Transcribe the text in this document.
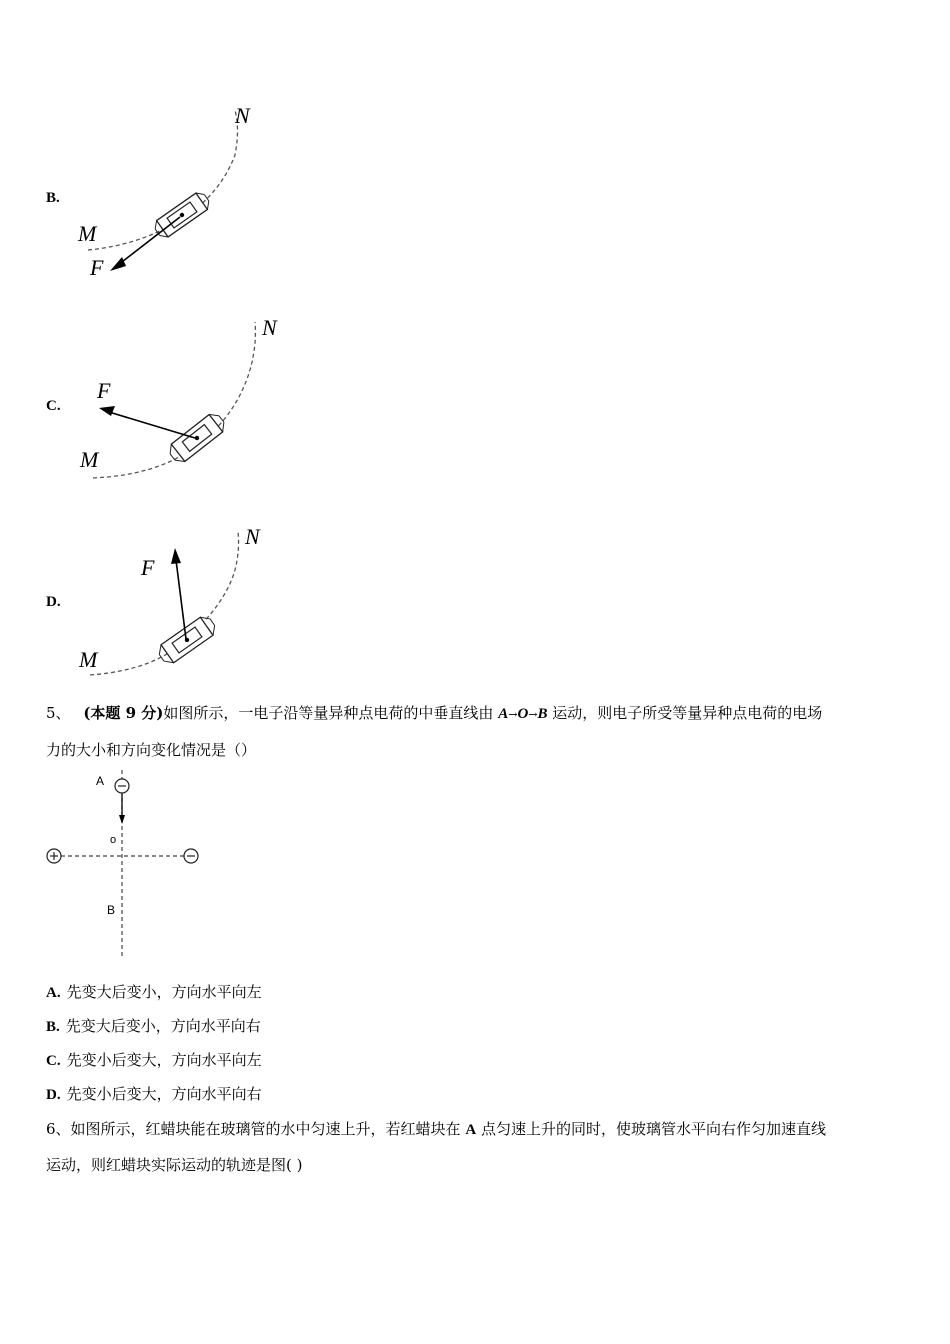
B.
N
M
F
C.
N
M
F
D.
N
M
F
5、 (本题 9 分)如图所示，一电子沿等量异种点电荷的中垂直线由 A→O→B 运动，则电子所受等量异种点电荷的电场
力的大小和方向变化情况是（）
A
o
B
A. 先变大后变小，方向水平向左
B. 先变大后变小，方向水平向右
C. 先变小后变大，方向水平向左
D. 先变小后变大，方向水平向右
6、如图所示，红蜡块能在玻璃管的水中匀速上升，若红蜡块在 A 点匀速上升的同时，使玻璃管水平向右作匀加速直线
运动，则红蜡块实际运动的轨迹是图( )
